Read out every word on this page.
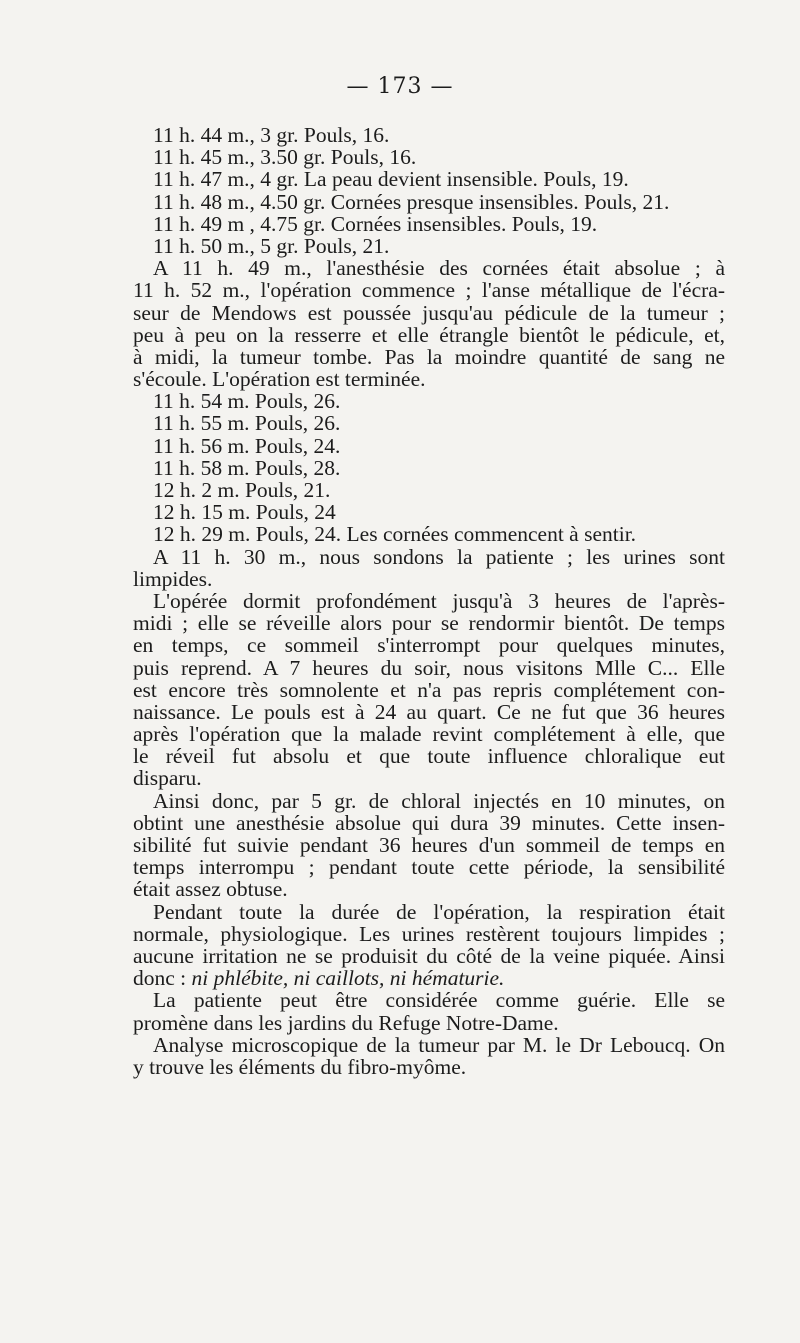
— 173 —
11 h. 44 m., 3 gr. Pouls, 16.
11 h. 45 m., 3.50 gr. Pouls, 16.
11 h. 47 m., 4 gr. La peau devient insensible. Pouls, 19.
11 h. 48 m., 4.50 gr. Cornées presque insensibles. Pouls, 21.
11 h. 49 m , 4.75 gr. Cornées insensibles. Pouls, 19.
11 h. 50 m., 5 gr. Pouls, 21.
A 11 h. 49 m., l'anesthésie des cornées était absolue ; à
11 h. 52 m., l'opération commence ; l'anse métallique de l'écra-
seur de Mendows est poussée jusqu'au pédicule de la tumeur ;
peu à peu on la resserre et elle étrangle bientôt le pédicule, et,
à midi, la tumeur tombe. Pas la moindre quantité de sang ne
s'écoule. L'opération est terminée.
11 h. 54 m. Pouls, 26.
11 h. 55 m. Pouls, 26.
11 h. 56 m. Pouls, 24.
11 h. 58 m. Pouls, 28.
12 h. 2 m. Pouls, 21.
12 h. 15 m. Pouls, 24
12 h. 29 m. Pouls, 24. Les cornées commencent à sentir.
A 11 h. 30 m., nous sondons la patiente ; les urines sont
limpides.
L'opérée dormit profondément jusqu'à 3 heures de l'après-
midi ; elle se réveille alors pour se rendormir bientôt. De temps
en temps, ce sommeil s'interrompt pour quelques minutes,
puis reprend. A 7 heures du soir, nous visitons Mlle C... Elle
est encore très somnolente et n'a pas repris complétement con-
naissance. Le pouls est à 24 au quart. Ce ne fut que 36 heures
après l'opération que la malade revint complétement à elle, que
le réveil fut absolu et que toute influence chloralique eut
disparu.
Ainsi donc, par 5 gr. de chloral injectés en 10 minutes, on
obtint une anesthésie absolue qui dura 39 minutes. Cette insen-
sibilité fut suivie pendant 36 heures d'un sommeil de temps en
temps interrompu ; pendant toute cette période, la sensibilité
était assez obtuse.
Pendant toute la durée de l'opération, la respiration était
normale, physiologique. Les urines restèrent toujours limpides ;
aucune irritation ne se produisit du côté de la veine piquée. Ainsi
donc : ni phlébite, ni caillots, ni hématurie.
La patiente peut être considérée comme guérie. Elle se
promène dans les jardins du Refuge Notre-Dame.
Analyse microscopique de la tumeur par M. le Dr Leboucq. On
y trouve les éléments du fibro-myôme.
